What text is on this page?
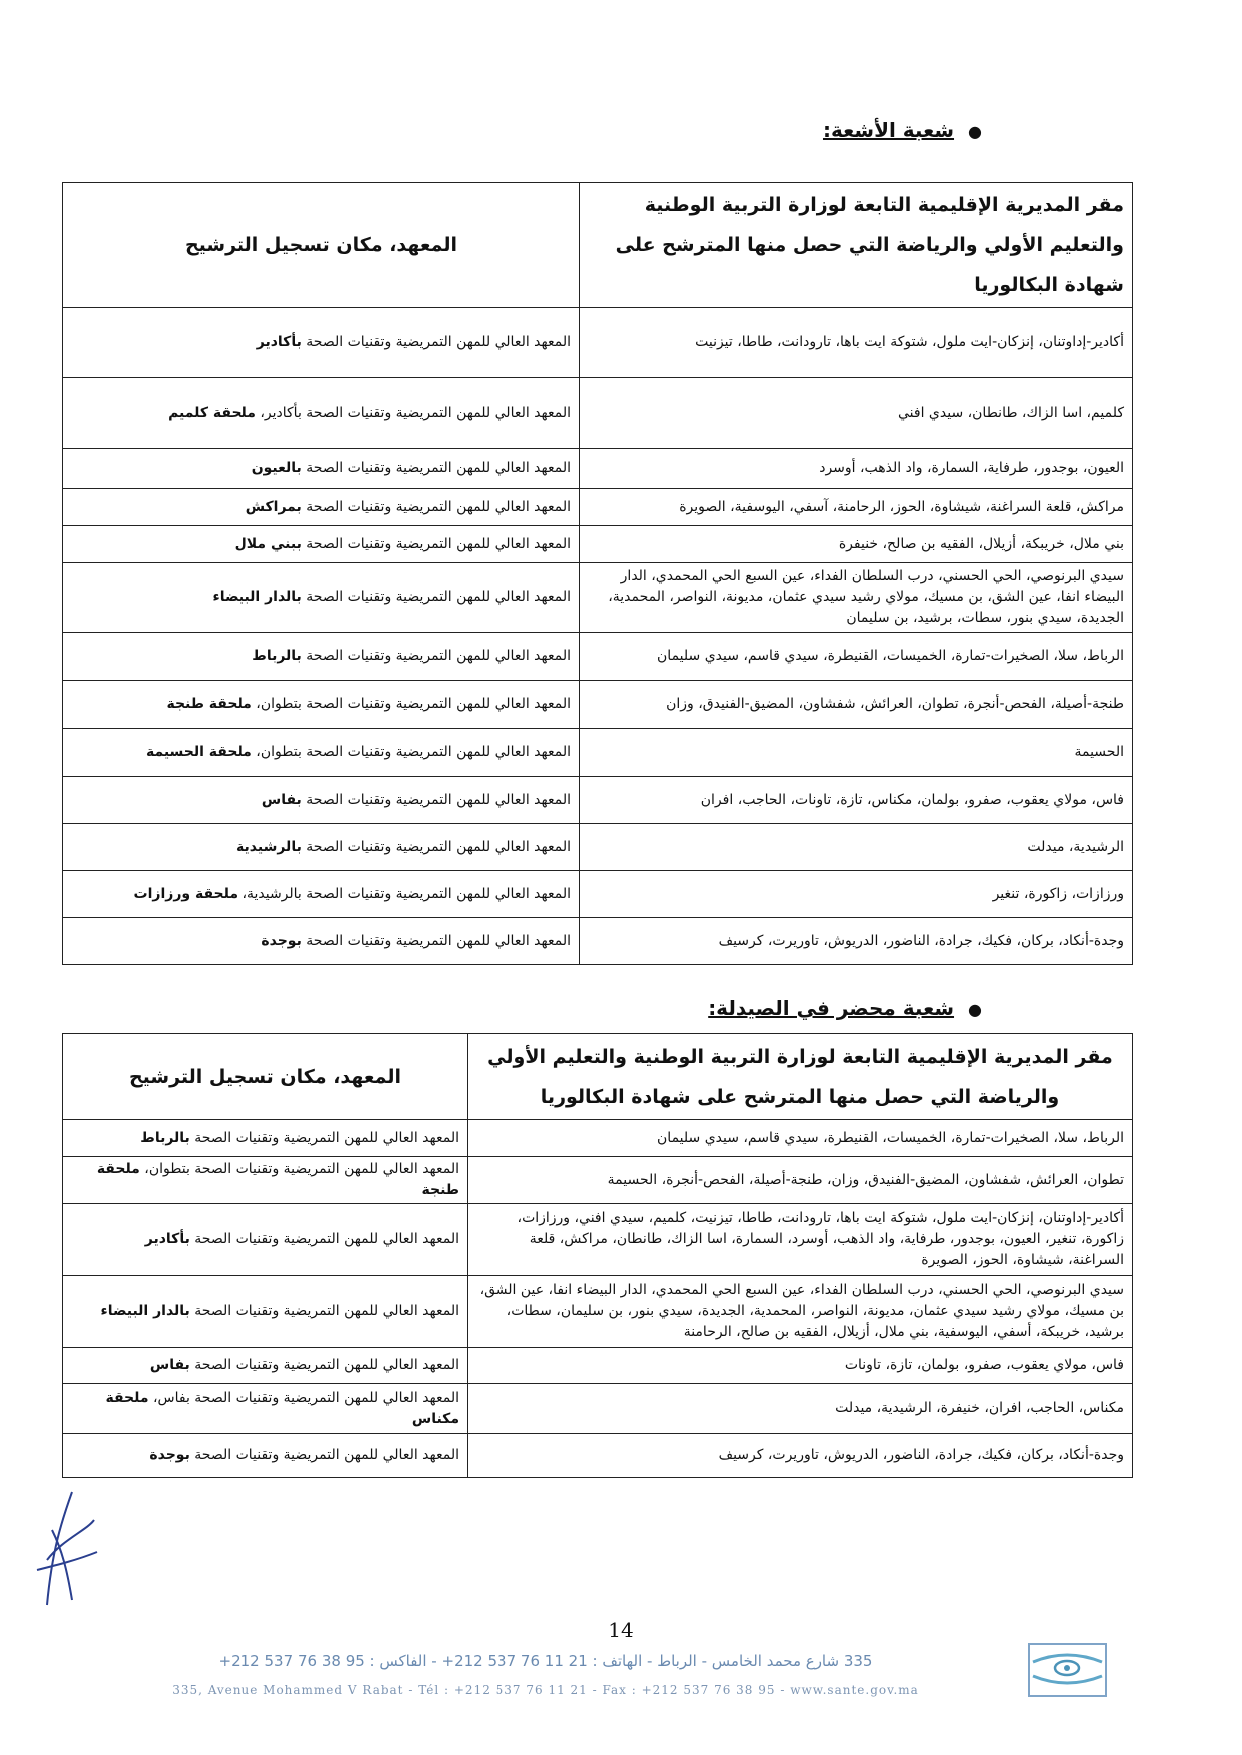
●شعبة الأشعة:
مقر المديرية الإقليمية التابعة لوزارة التربية الوطنية والتعليم الأولي والرياضة التي حصل منها المترشح على شهادة البكالوريا	المعهد، مكان تسجيل الترشيح
أكادير-إداوتنان، إنزكان-ايت ملول، شتوكة ايت باها، تارودانت، طاطا، تيزنيت	المعهد العالي للمهن التمريضية وتقنيات الصحة بأكادير
كلميم، اسا الزاك، طانطان، سيدي افني	المعهد العالي للمهن التمريضية وتقنيات الصحة بأكادير، ملحقة كلميم
العيون، بوجدور، طرفاية، السمارة، واد الذهب، أوسرد	المعهد العالي للمهن التمريضية وتقنيات الصحة بالعيون
مراكش، قلعة السراغنة، شيشاوة، الحوز، الرحامنة، آسفي، اليوسفية، الصويرة	المعهد العالي للمهن التمريضية وتقنيات الصحة بمراكش
بني ملال، خريبكة، أزيلال، الفقيه بن صالح، خنيفرة	المعهد العالي للمهن التمريضية وتقنيات الصحة ببني ملال
سيدي البرنوصي، الحي الحسني، درب السلطان الفداء، عين السبع الحي المحمدي، الدار البيضاء انفا، عين الشق، بن مسيك، مولاي رشيد سيدي عثمان، مديونة، النواصر، المحمدية، الجديدة، سيدي بنور، سطات، برشيد، بن سليمان	المعهد العالي للمهن التمريضية وتقنيات الصحة بالدار البيضاء
الرباط، سلا، الصخيرات-تمارة، الخميسات، القنيطرة، سيدي قاسم، سيدي سليمان	المعهد العالي للمهن التمريضية وتقنيات الصحة بالرباط
طنجة-أصيلة، الفحص-أنجرة، تطوان، العرائش، شفشاون، المضيق-الفنيدق، وزان	المعهد العالي للمهن التمريضية وتقنيات الصحة بتطوان، ملحقة طنجة
الحسيمة	المعهد العالي للمهن التمريضية وتقنيات الصحة بتطوان، ملحقة الحسيمة
فاس، مولاي يعقوب، صفرو، بولمان، مكناس، تازة، تاونات، الحاجب، افران	المعهد العالي للمهن التمريضية وتقنيات الصحة بفاس
الرشيدية، ميدلت	المعهد العالي للمهن التمريضية وتقنيات الصحة بالرشيدية
ورزازات، زاكورة، تنغير	المعهد العالي للمهن التمريضية وتقنيات الصحة بالرشيدية، ملحقة ورزازات
وجدة-أنكاد، بركان، فكيك، جرادة، الناضور، الدريوش، تاوريرت، كرسيف	المعهد العالي للمهن التمريضية وتقنيات الصحة بوجدة
●شعبة محضر في الصيدلة:
مقر المديرية الإقليمية التابعة لوزارة التربية الوطنية والتعليم الأولي والرياضة التي حصل منها المترشح على شهادة البكالوريا	المعهد، مكان تسجيل الترشيح
الرباط، سلا، الصخيرات-تمارة، الخميسات، القنيطرة، سيدي قاسم، سيدي سليمان	المعهد العالي للمهن التمريضية وتقنيات الصحة بالرباط
تطوان، العرائش، شفشاون، المضيق-الفنيدق، وزان، طنجة-أصيلة، الفحص-أنجرة، الحسيمة	المعهد العالي للمهن التمريضية وتقنيات الصحة بتطوان، ملحقة طنجة
أكادير-إداوتنان، إنزكان-ايت ملول، شتوكة ايت باها، تارودانت، طاطا، تيزنيت، كلميم، سيدي افني، ورزازات، زاكورة، تنغير، العيون، بوجدور، طرفاية، واد الذهب، أوسرد، السمارة، اسا الزاك، طانطان، مراكش، قلعة السراغنة، شيشاوة، الحوز، الصويرة	المعهد العالي للمهن التمريضية وتقنيات الصحة بأكادير
سيدي البرنوصي، الحي الحسني، درب السلطان الفداء، عين السبع الحي المحمدي، الدار البيضاء انفا، عين الشق، بن مسيك، مولاي رشيد سيدي عثمان، مديونة، النواصر، المحمدية، الجديدة، سيدي بنور، بن سليمان، سطات، برشيد، خريبكة، أسفي، اليوسفية، بني ملال، أزيلال، الفقيه بن صالح، الرحامنة	المعهد العالي للمهن التمريضية وتقنيات الصحة بالدار البيضاء
فاس، مولاي يعقوب، صفرو، بولمان، تازة، تاونات	المعهد العالي للمهن التمريضية وتقنيات الصحة بفاس
مكناس، الحاجب، افران، خنيفرة، الرشيدية، ميدلت	المعهد العالي للمهن التمريضية وتقنيات الصحة بفاس، ملحقة مكناس
وجدة-أنكاد، بركان، فكيك، جرادة، الناضور، الدريوش، تاوريرت، كرسيف	المعهد العالي للمهن التمريضية وتقنيات الصحة بوجدة
14
335 شارع محمد الخامس - الرباط - الهاتف : 21 11 76 537 212+ - الفاكس : 95 38 76 537 212+
335, Avenue Mohammed V Rabat - Tél : +212 537 76 11 21 - Fax : +212 537 76 38 95 - www.sante.gov.ma
